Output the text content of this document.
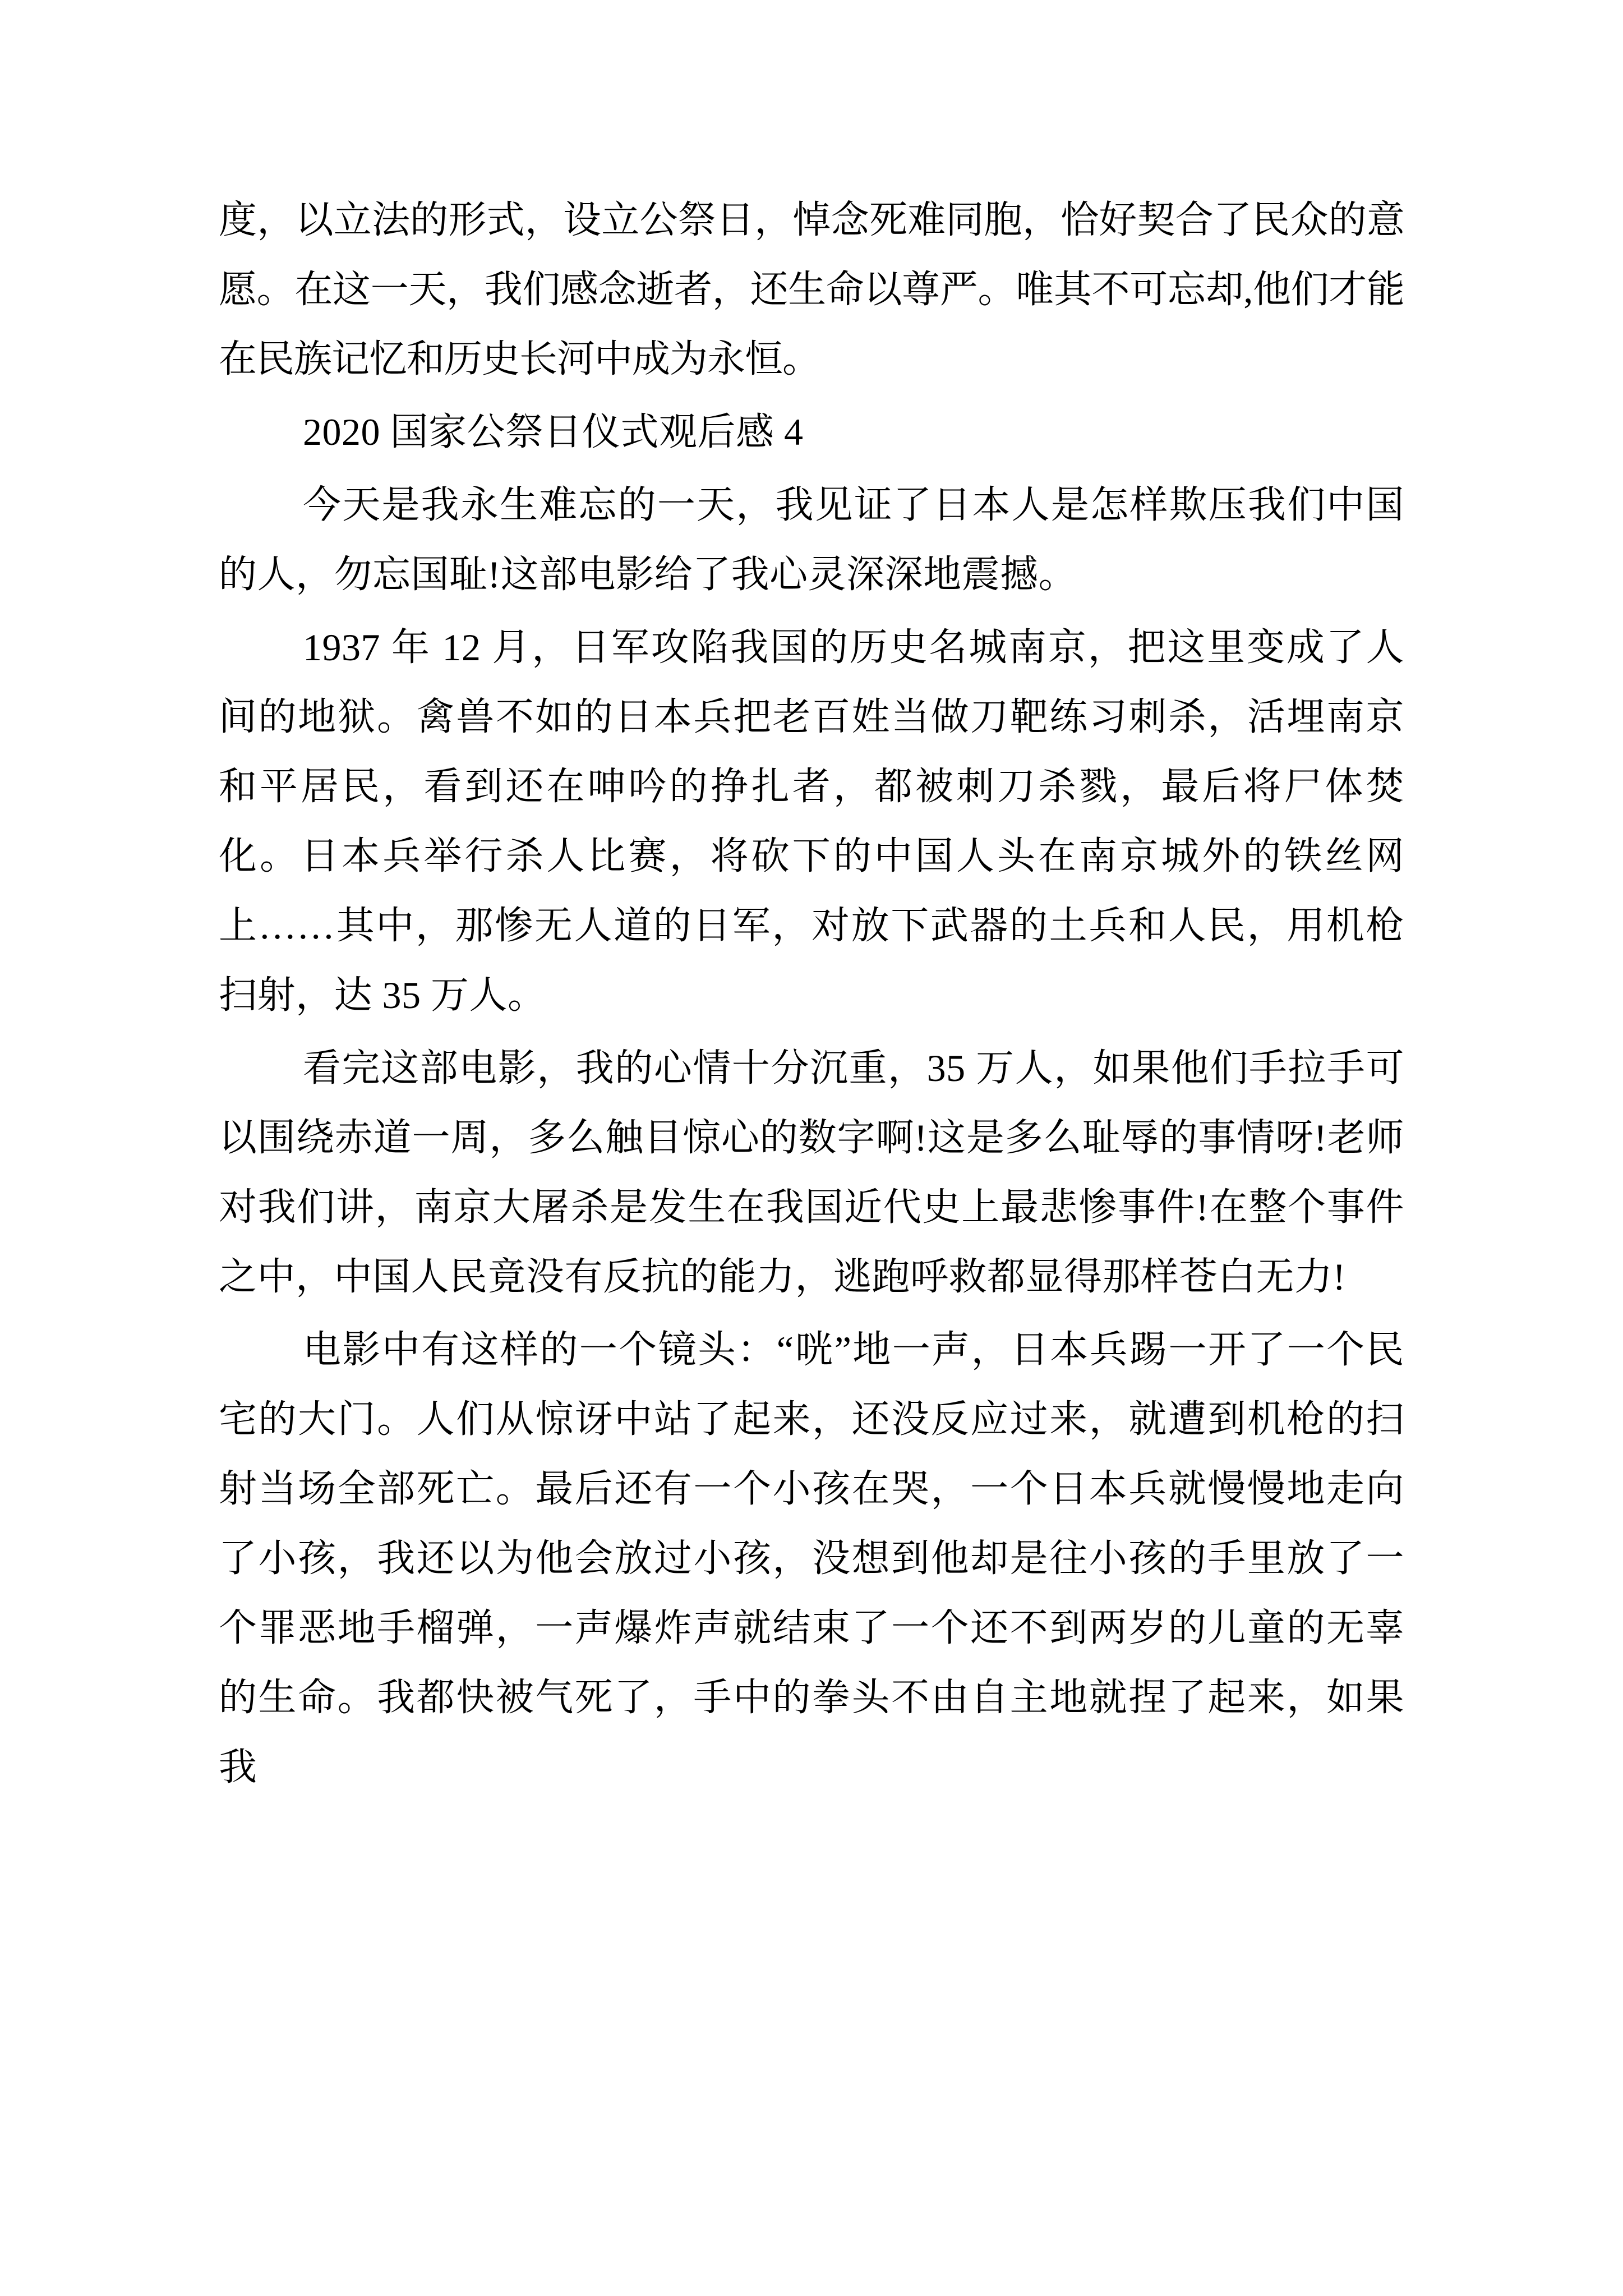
度，以立法的形式，设立公祭日，悼念死难同胞，恰好契合了民众的意愿。在这一天，我们感念逝者，还生命以尊严。唯其不可忘却,他们才能在民族记忆和历史长河中成为永恒。

2020 国家公祭日仪式观后感 4

今天是我永生难忘的一天，我见证了日本人是怎样欺压我们中国的人，勿忘国耻!这部电影给了我心灵深深地震撼。

1937 年 12 月，日军攻陷我国的历史名城南京，把这里变成了人间的地狱。禽兽不如的日本兵把老百姓当做刀靶练习刺杀，活埋南京和平居民，看到还在呻吟的挣扎者，都被刺刀杀戮，最后将尸体焚化。日本兵举行杀人比赛，将砍下的中国人头在南京城外的铁丝网上……其中，那惨无人道的日军，对放下武器的土兵和人民，用机枪扫射，达 35 万人。

看完这部电影，我的心情十分沉重，35 万人，如果他们手拉手可以围绕赤道一周，多么触目惊心的数字啊!这是多么耻辱的事情呀!老师对我们讲，南京大屠杀是发生在我国近代史上最悲惨事件!在整个事件之中，中国人民竟没有反抗的能力，逃跑呼救都显得那样苍白无力!

电影中有这样的一个镜头：“咣”地一声，日本兵踢一开了一个民宅的大门。人们从惊讶中站了起来，还没反应过来，就遭到机枪的扫射当场全部死亡。最后还有一个小孩在哭，一个日本兵就慢慢地走向了小孩，我还以为他会放过小孩，没想到他却是往小孩的手里放了一个罪恶地手榴弹，一声爆炸声就结束了一个还不到两岁的儿童的无辜的生命。我都快被气死了，手中的拳头不由自主地就捏了起来，如果我
